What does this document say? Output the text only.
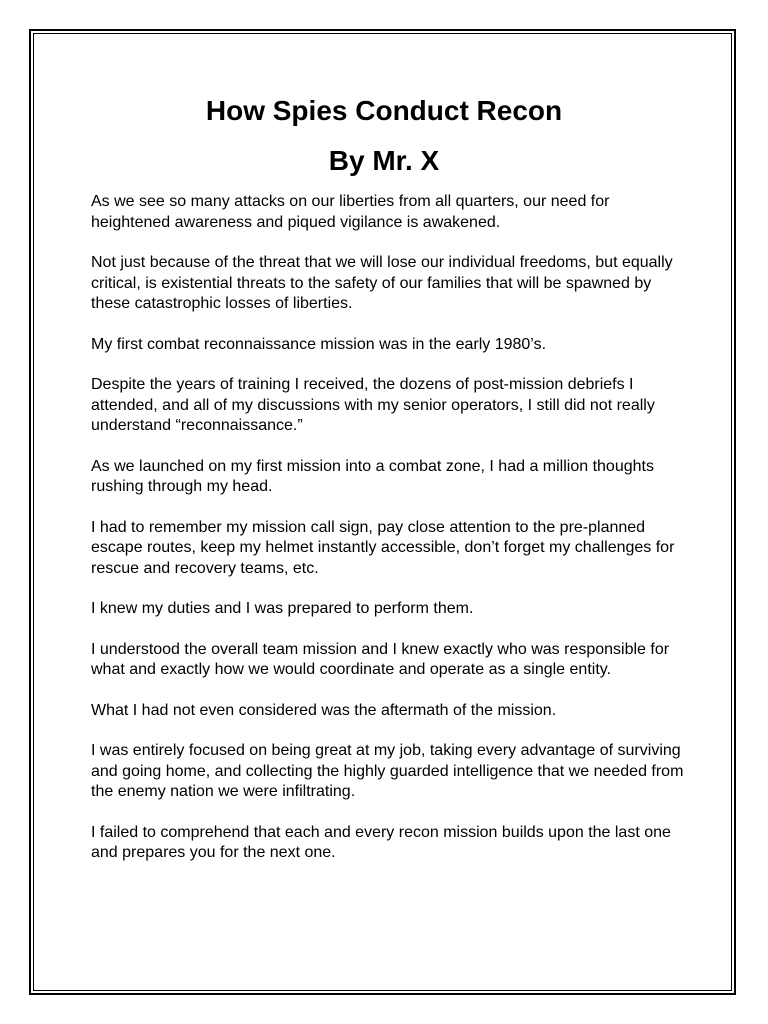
How Spies Conduct Recon
By Mr. X

As we see so many attacks on our liberties from all quarters, our need for heightened awareness and piqued vigilance is awakened.

Not just because of the threat that we will lose our individual freedoms, but equally critical, is existential threats to the safety of our families that will be spawned by these catastrophic losses of liberties.

My first combat reconnaissance mission was in the early 1980’s.

Despite the years of training I received, the dozens of post-mission debriefs I attended, and all of my discussions with my senior operators, I still did not really understand “reconnaissance.”

As we launched on my first mission into a combat zone, I had a million thoughts rushing through my head.

I had to remember my mission call sign, pay close attention to the pre-planned escape routes, keep my helmet instantly accessible, don’t forget my challenges for rescue and recovery teams, etc.

I knew my duties and I was prepared to perform them.

I understood the overall team mission and I knew exactly who was responsible for what and exactly how we would coordinate and operate as a single entity.

What I had not even considered was the aftermath of the mission.

I was entirely focused on being great at my job, taking every advantage of surviving and going home, and collecting the highly guarded intelligence that we needed from the enemy nation we were infiltrating.

I failed to comprehend that each and every recon mission builds upon the last one and prepares you for the next one.
